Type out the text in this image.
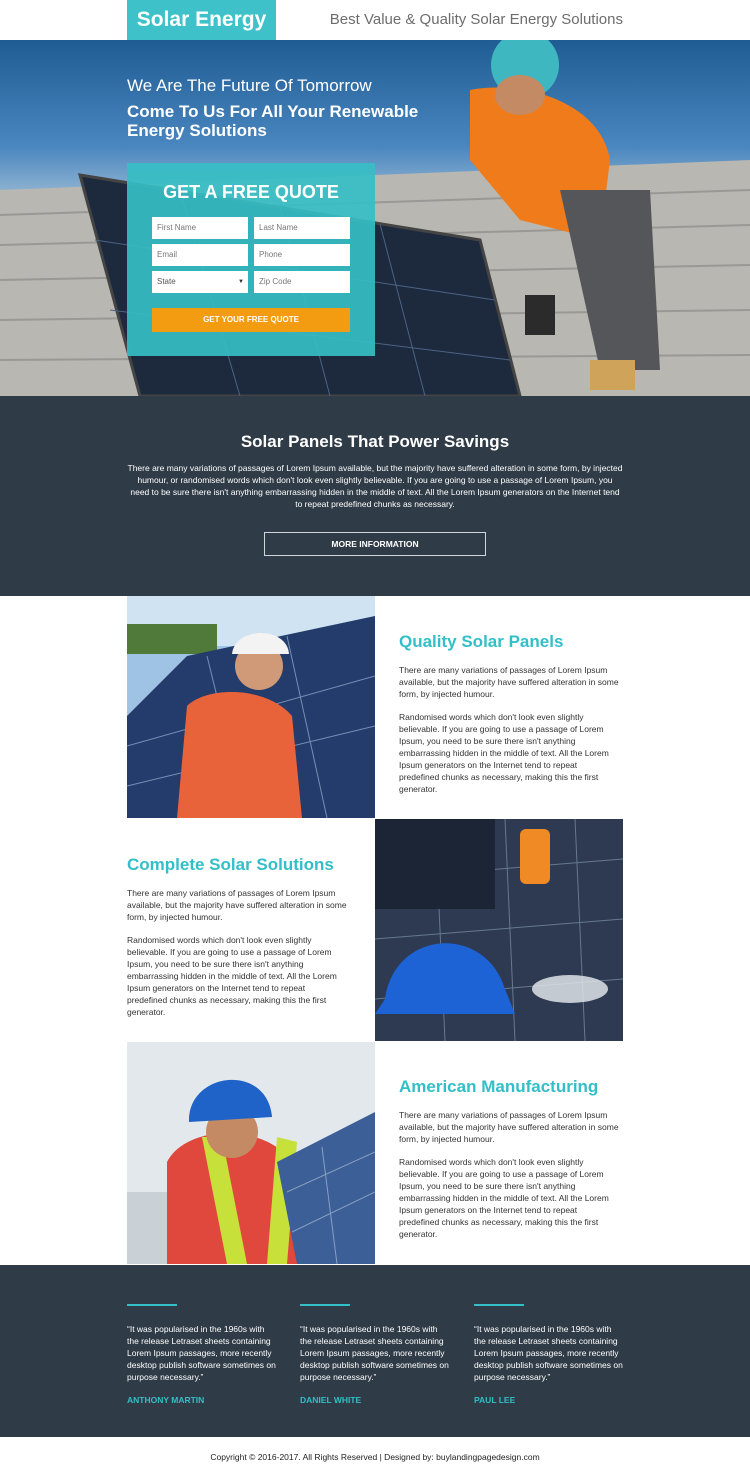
Solar Energy	Best Value & Quality Solar Energy Solutions
We Are The Future Of Tomorrow
Come To Us For All Your Renewable Energy Solutions
GET A FREE QUOTE
First Name
Last Name
Email
Phone
State	▼
Zip Code
GET YOUR FREE QUOTE
Solar Panels That Power Savings
There are many variations of passages of Lorem Ipsum available, but the majority have suffered alteration in some form, by injected humour, or randomised words which don't look even slightly believable. If you are going to use a passage of Lorem Ipsum, you need to be sure there isn't anything embarrassing hidden in the middle of text. All the Lorem Ipsum generators on the Internet tend to repeat predefined chunks as necessary.
MORE INFORMATION
Quality Solar Panels
There are many variations of passages of Lorem Ipsum available, but the majority have suffered alteration in some form, by injected humour.
Randomised words which don't look even slightly believable. If you are going to use a passage of Lorem Ipsum, you need to be sure there isn't anything embarrassing hidden in the middle of text. All the Lorem Ipsum generators on the Internet tend to repeat predefined chunks as necessary, making this the first generator.
Complete Solar Solutions
There are many variations of passages of Lorem Ipsum available, but the majority have suffered alteration in some form, by injected humour.
Randomised words which don't look even slightly believable. If you are going to use a passage of Lorem Ipsum, you need to be sure there isn't anything embarrassing hidden in the middle of text. All the Lorem Ipsum generators on the Internet tend to repeat predefined chunks as necessary, making this the first generator.
American Manufacturing
There are many variations of passages of Lorem Ipsum available, but the majority have suffered alteration in some form, by injected humour.
Randomised words which don't look even slightly believable. If you are going to use a passage of Lorem Ipsum, you need to be sure there isn't anything embarrassing hidden in the middle of text. All the Lorem Ipsum generators on the Internet tend to repeat predefined chunks as necessary, making this the first generator.
“It was popularised in the 1960s with the release Letraset sheets containing Lorem Ipsum passages, more recently desktop publish software sometimes on purpose necessary.”
ANTHONY MARTIN
“It was popularised in the 1960s with the release Letraset sheets containing Lorem Ipsum passages, more recently desktop publish software sometimes on purpose necessary.”
DANIEL WHITE
“It was popularised in the 1960s with the release Letraset sheets containing Lorem Ipsum passages, more recently desktop publish software sometimes on purpose necessary.”
PAUL LEE
Copyright © 2016-2017. All Rights Reserved | Designed by: buylandingpagedesign.com
